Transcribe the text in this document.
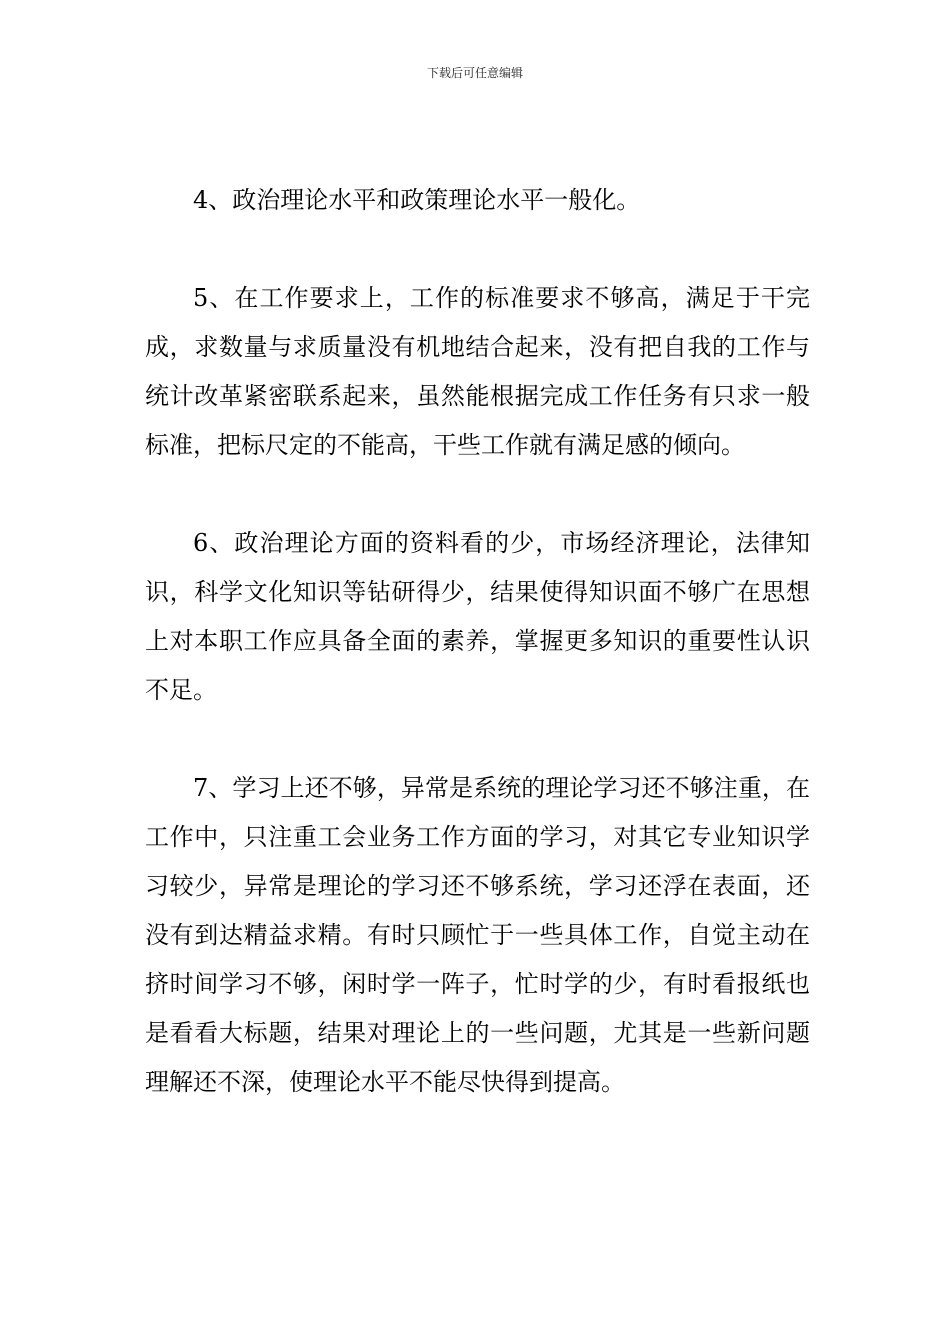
下载后可任意编辑

4、政治理论水平和政策理论水平一般化。

5、在工作要求上，工作的标准要求不够高，满足于干完成，求数量与求质量没有机地结合起来，没有把自我的工作与统计改革紧密联系起来，虽然能根据完成工作任务有只求一般标准，把标尺定的不能高，干些工作就有满足感的倾向。

6、政治理论方面的资料看的少，市场经济理论，法律知识，科学文化知识等钻研得少，结果使得知识面不够广在思想上对本职工作应具备全面的素养，掌握更多知识的重要性认识不足。

7、学习上还不够，异常是系统的理论学习还不够注重，在工作中，只注重工会业务工作方面的学习，对其它专业知识学习较少，异常是理论的学习还不够系统，学习还浮在表面，还没有到达精益求精。有时只顾忙于一些具体工作，自觉主动在挤时间学习不够，闲时学一阵子，忙时学的少，有时看报纸也是看看大标题，结果对理论上的一些问题，尤其是一些新问题理解还不深，使理论水平不能尽快得到提高。
